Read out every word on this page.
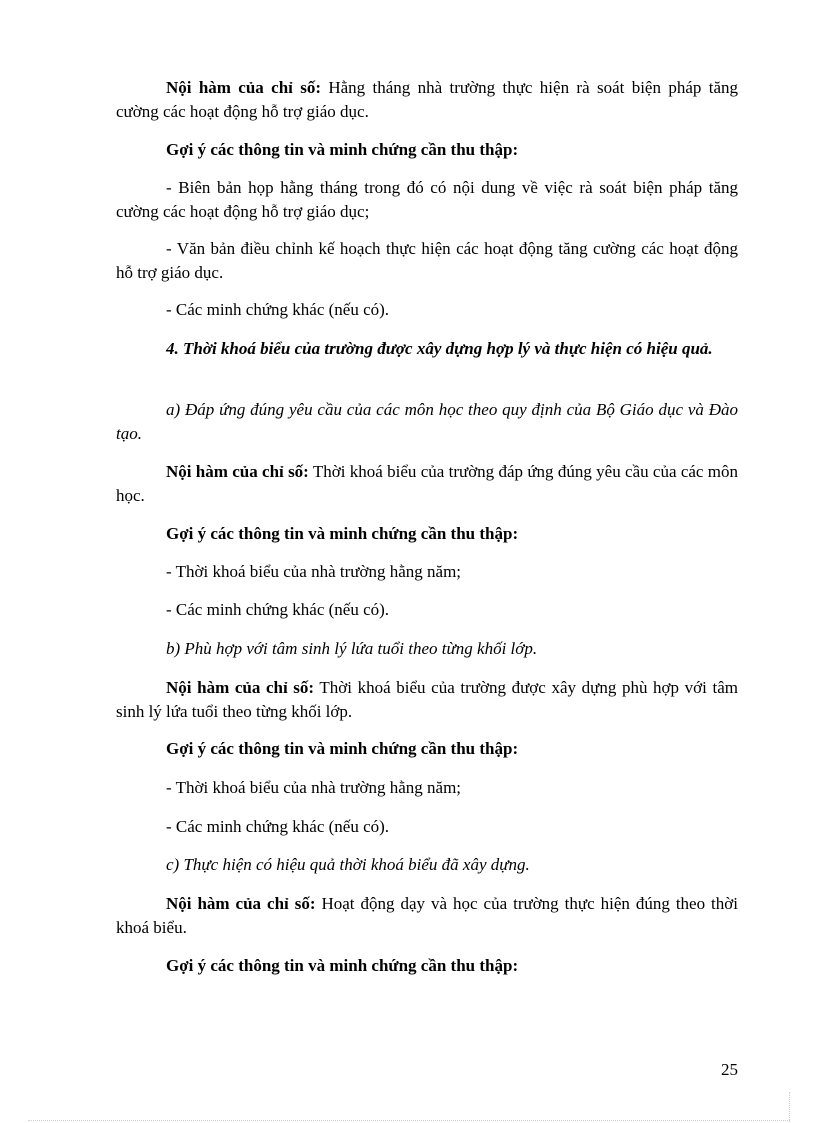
Nội hàm của chỉ số: Hằng tháng nhà trường thực hiện rà soát biện pháp tăng cường các hoạt động hỗ trợ giáo dục.

Gợi ý các thông tin và minh chứng cần thu thập:

- Biên bản họp hằng tháng trong đó có nội dung về việc rà soát biện pháp tăng cường các hoạt động hỗ trợ giáo dục;

- Văn bản điều chỉnh kế hoạch thực hiện các hoạt động tăng cường các hoạt động hỗ trợ giáo dục.

- Các minh chứng khác (nếu có).

4. Thời khoá biểu của trường được xây dựng hợp lý và thực hiện có hiệu quả.

a) Đáp ứng đúng yêu cầu của các môn học theo quy định của Bộ Giáo dục và Đào tạo.

Nội hàm của chỉ số: Thời khoá biểu của trường đáp ứng đúng yêu cầu của các môn học.

Gợi ý các thông tin và minh chứng cần thu thập:

- Thời khoá biểu của nhà trường hằng năm;

- Các minh chứng khác (nếu có).

b) Phù hợp với tâm sinh lý lứa tuổi theo từng khối lớp.

Nội hàm của chỉ số: Thời khoá biểu của trường được xây dựng phù hợp với tâm sinh lý lứa tuổi theo từng khối lớp.

Gợi ý các thông tin và minh chứng cần thu thập:

- Thời khoá biểu của nhà trường hằng năm;

- Các minh chứng khác (nếu có).

c) Thực hiện có hiệu quả thời khoá biểu đã xây dựng.

Nội hàm của chỉ số: Hoạt động dạy và học của trường thực hiện đúng theo thời khoá biểu.

Gợi ý các thông tin và minh chứng cần thu thập:

25
